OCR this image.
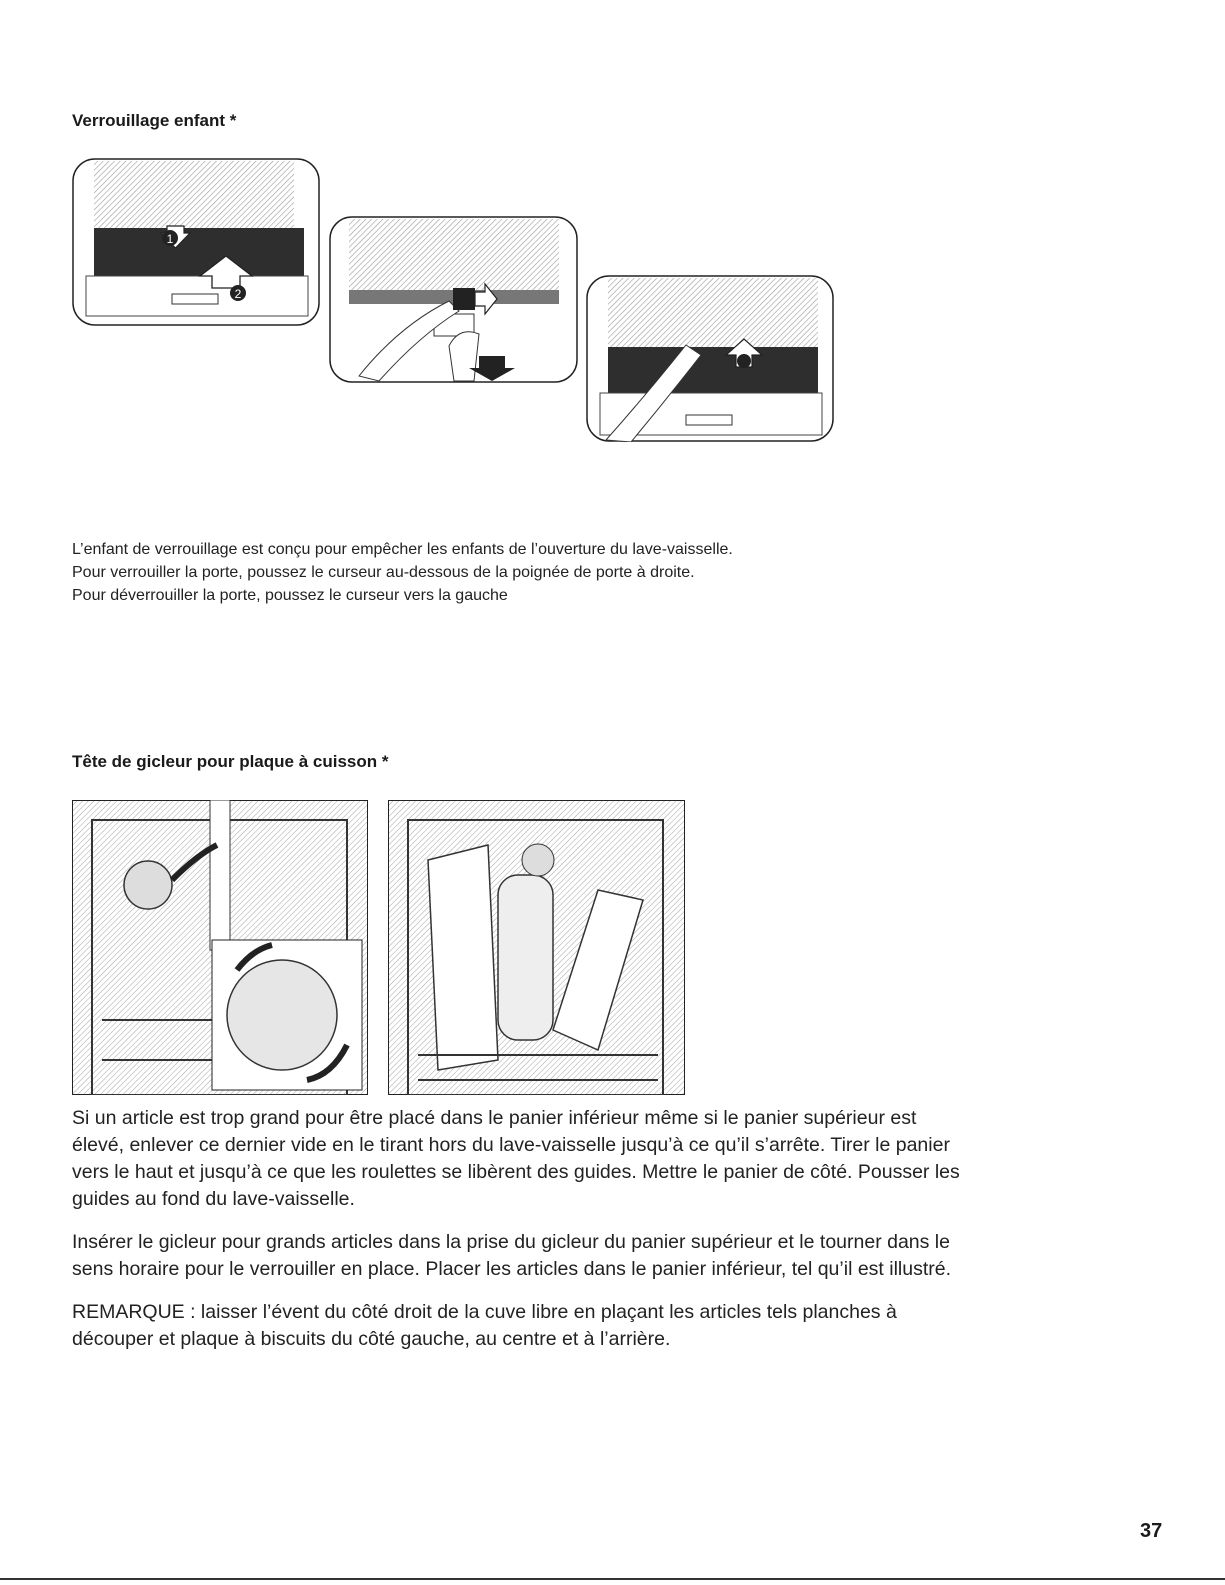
Verrouillage enfant *
1
2
L’enfant de verrouillage est conçu pour empêcher les enfants de l’ouverture du lave-vaisselle.
Pour verrouiller la porte, poussez le curseur au-dessous de la poignée de porte à droite.
Pour déverrouiller la porte, poussez le curseur vers la gauche
Tête de gicleur pour plaque à cuisson *

Si un article est trop grand pour être placé dans le panier inférieur même si le panier supérieur est élevé, enlever ce dernier vide en le tirant hors du lave-vaisselle jusqu’à ce qu’il s’arrête. Tirer le panier vers le haut et jusqu’à ce que les roulettes se libèrent des guides. Mettre le panier de côté. Pousser les guides au fond du lave-vaisselle.

Insérer le gicleur pour grands articles dans la prise du gicleur du panier supérieur et le tourner dans le sens horaire pour le verrouiller en place. Placer les articles dans le panier inférieur, tel qu’il est illustré.

REMARQUE : laisser l’évent du côté droit de la cuve libre en plaçant les articles tels planches à découper et plaque à biscuits du côté gauche, au centre et à l’arrière.

37
